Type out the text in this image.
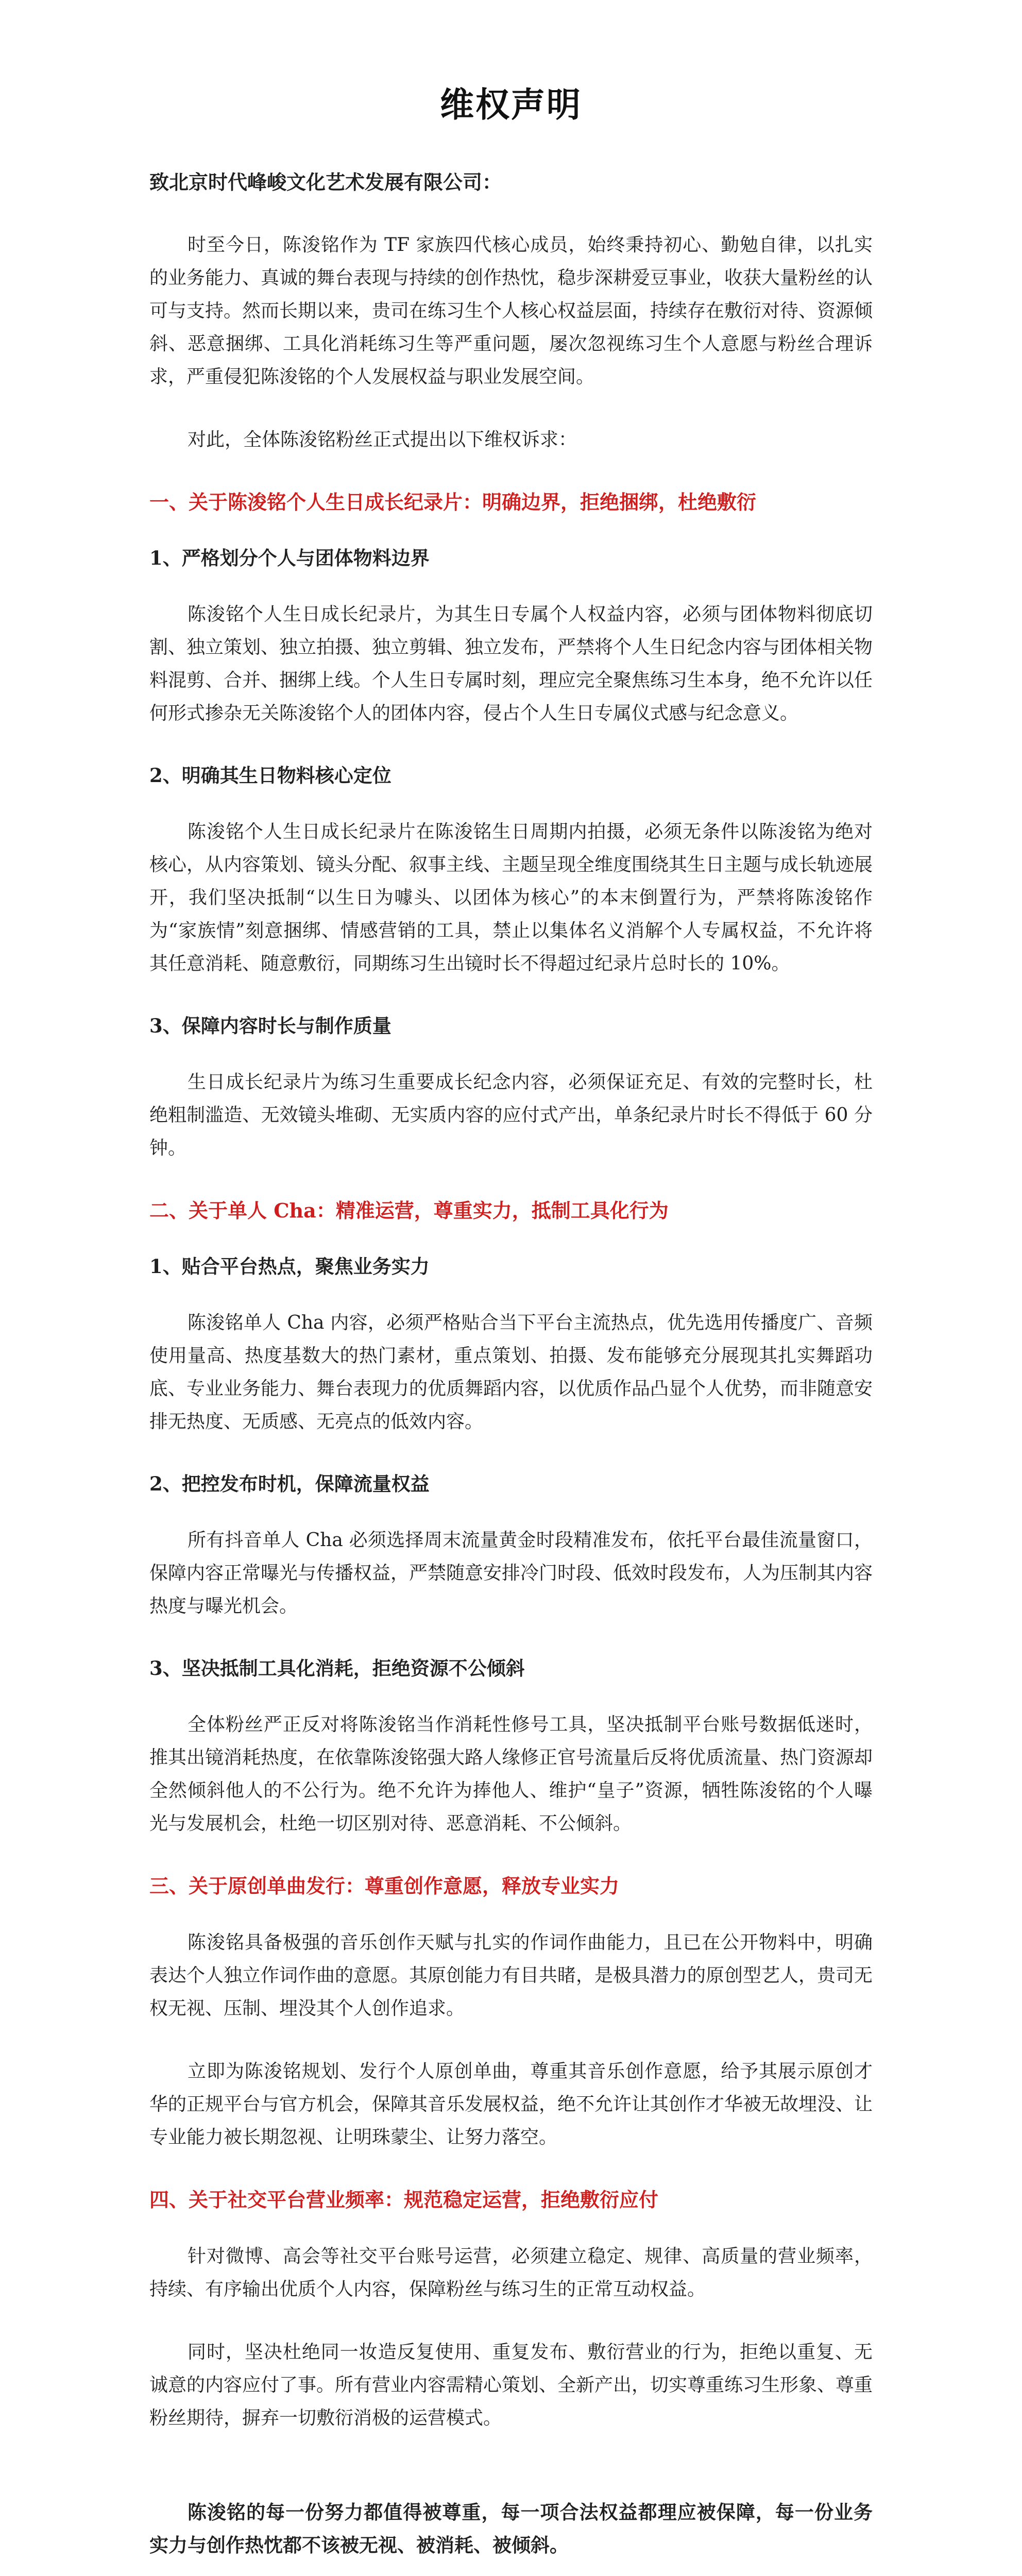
维权声明
致北京时代峰峻文化艺术发展有限公司：

时至今日，陈浚铭作为 TF 家族四代核心成员，始终秉持初心、勤勉自律，以扎实的业务能力、真诚的舞台表现与持续的创作热忱，稳步深耕爱豆事业，收获大量粉丝的认可与支持。然而长期以来，贵司在练习生个人核心权益层面，持续存在敷衍对待、资源倾斜、恶意捆绑、工具化消耗练习生等严重问题，屡次忽视练习生个人意愿与粉丝合理诉求，严重侵犯陈浚铭的个人发展权益与职业发展空间。

对此，全体陈浚铭粉丝正式提出以下维权诉求：

一、关于陈浚铭个人生日成长纪录片：明确边界，拒绝捆绑，杜绝敷衍
1、严格划分个人与团体物料边界

陈浚铭个人生日成长纪录片，为其生日专属个人权益内容，必须与团体物料彻底切割、独立策划、独立拍摄、独立剪辑、独立发布，严禁将个人生日纪念内容与团体相关物料混剪、合并、捆绑上线。个人生日专属时刻，理应完全聚焦练习生本身，绝不允许以任何形式掺杂无关陈浚铭个人的团体内容，侵占个人生日专属仪式感与纪念意义。

2、明确其生日物料核心定位

陈浚铭个人生日成长纪录片在陈浚铭生日周期内拍摄，必须无条件以陈浚铭为绝对核心，从内容策划、镜头分配、叙事主线、主题呈现全维度围绕其生日主题与成长轨迹展开，我们坚决抵制“以生日为噱头、以团体为核心”的本末倒置行为，严禁将陈浚铭作为“家族情”刻意捆绑、情感营销的工具，禁止以集体名义消解个人专属权益，不允许将其任意消耗、随意敷衍，同期练习生出镜时长不得超过纪录片总时长的 10%。

3、保障内容时长与制作质量

生日成长纪录片为练习生重要成长纪念内容，必须保证充足、有效的完整时长，杜绝粗制滥造、无效镜头堆砌、无实质内容的应付式产出，单条纪录片时长不得低于 60 分钟。

二、关于单人 Cha：精准运营，尊重实力，抵制工具化行为
1、贴合平台热点，聚焦业务实力

陈浚铭单人 Cha 内容，必须严格贴合当下平台主流热点，优先选用传播度广、音频使用量高、热度基数大的热门素材，重点策划、拍摄、发布能够充分展现其扎实舞蹈功底、专业业务能力、舞台表现力的优质舞蹈内容，以优质作品凸显个人优势，而非随意安排无热度、无质感、无亮点的低效内容。

2、把控发布时机，保障流量权益

所有抖音单人 Cha 必须选择周末流量黄金时段精准发布，依托平台最佳流量窗口，保障内容正常曝光与传播权益，严禁随意安排冷门时段、低效时段发布，人为压制其内容热度与曝光机会。

3、坚决抵制工具化消耗，拒绝资源不公倾斜

全体粉丝严正反对将陈浚铭当作消耗性修号工具，坚决抵制平台账号数据低迷时，推其出镜消耗热度，在依靠陈浚铭强大路人缘修正官号流量后反将优质流量、热门资源却全然倾斜他人的不公行为。绝不允许为捧他人、维护“皇子”资源，牺牲陈浚铭的个人曝光与发展机会，杜绝一切区别对待、恶意消耗、不公倾斜。

三、关于原创单曲发行：尊重创作意愿，释放专业实力

陈浚铭具备极强的音乐创作天赋与扎实的作词作曲能力，且已在公开物料中，明确表达个人独立作词作曲的意愿。其原创能力有目共睹，是极具潜力的原创型艺人，贵司无权无视、压制、埋没其个人创作追求。

立即为陈浚铭规划、发行个人原创单曲，尊重其音乐创作意愿，给予其展示原创才华的正规平台与官方机会，保障其音乐发展权益，绝不允许让其创作才华被无故埋没、让专业能力被长期忽视、让明珠蒙尘、让努力落空。

四、关于社交平台营业频率：规范稳定运营，拒绝敷衍应付

针对微博、高会等社交平台账号运营，必须建立稳定、规律、高质量的营业频率，持续、有序输出优质个人内容，保障粉丝与练习生的正常互动权益。

同时，坚决杜绝同一妆造反复使用、重复发布、敷衍营业的行为，拒绝以重复、无诚意的内容应付了事。所有营业内容需精心策划、全新产出，切实尊重练习生形象、尊重粉丝期待，摒弃一切敷衍消极的运营模式。

陈浚铭的每一份努力都值得被尊重，每一项合法权益都理应被保障，每一份业务实力与创作热忱都不该被无视、被消耗、被倾斜。
